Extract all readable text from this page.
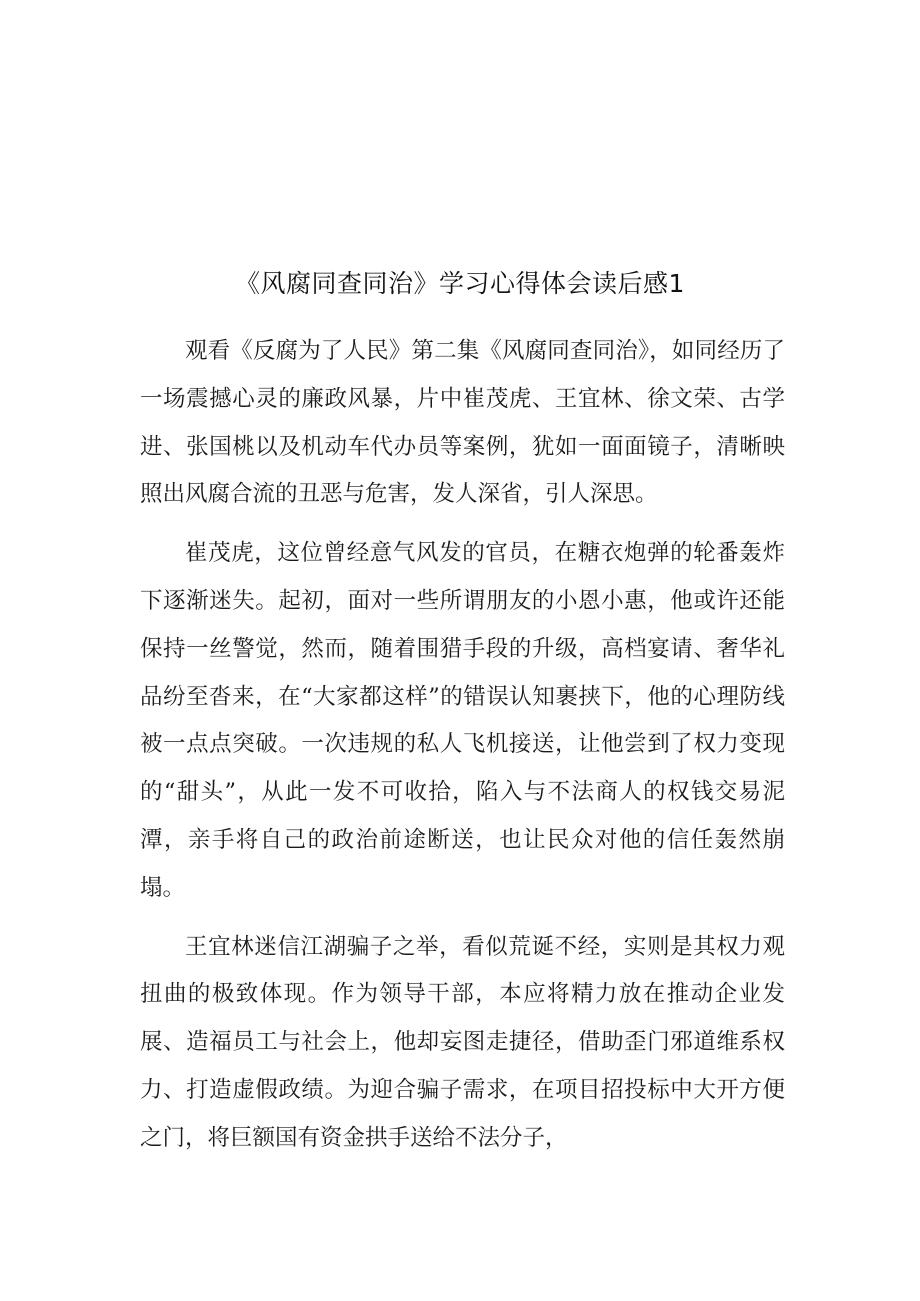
《风腐同查同治》学习心得体会读后感1

观看《反腐为了人民》第二集《风腐同查同治》，如同经历了一场震撼心灵的廉政风暴，片中崔茂虎、王宜林、徐文荣、古学进、张国桃以及机动车代办员等案例，犹如一面面镜子，清晰映照出风腐合流的丑恶与危害，发人深省，引人深思。

崔茂虎，这位曾经意气风发的官员，在糖衣炮弹的轮番轰炸下逐渐迷失。起初，面对一些所谓朋友的小恩小惠，他或许还能保持一丝警觉，然而，随着围猎手段的升级，高档宴请、奢华礼品纷至沓来，在“大家都这样”的错误认知裹挟下，他的心理防线被一点点突破。一次违规的私人飞机接送，让他尝到了权力变现的“甜头”，从此一发不可收拾，陷入与不法商人的权钱交易泥潭，亲手将自己的政治前途断送，也让民众对他的信任轰然崩塌。

王宜林迷信江湖骗子之举，看似荒诞不经，实则是其权力观扭曲的极致体现。作为领导干部，本应将精力放在推动企业发展、造福员工与社会上，他却妄图走捷径，借助歪门邪道维系权力、打造虚假政绩。为迎合骗子需求，在项目招投标中大开方便之门，将巨额国有资金拱手送给不法分子，
